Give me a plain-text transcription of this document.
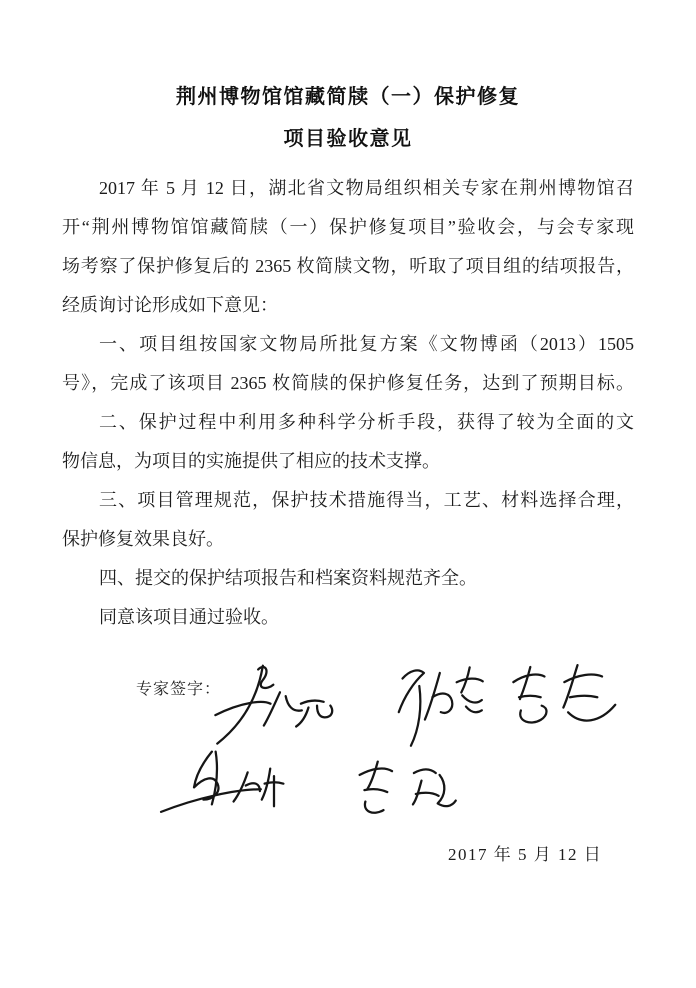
荆州博物馆馆藏简牍（一）保护修复
项目验收意见
2017 年 5 月 12 日，湖北省文物局组织相关专家在荆州博物馆召
开“荆州博物馆馆藏简牍（一）保护修复项目”验收会，与会专家现
场考察了保护修复后的 2365 枚简牍文物，听取了项目组的结项报告，
经质询讨论形成如下意见：
一、项目组按国家文物局所批复方案《文物博函（2013）1505
号》，完成了该项目 2365 枚简牍的保护修复任务，达到了预期目标。
二、保护过程中利用多种科学分析手段，获得了较为全面的文
物信息，为项目的实施提供了相应的技术支撑。
三、项目管理规范，保护技术措施得当，工艺、材料选择合理，
保护修复效果良好。
四、提交的保护结项报告和档案资料规范齐全。
同意该项目通过验收。
专家签字：
2017 年 5 月 12 日
